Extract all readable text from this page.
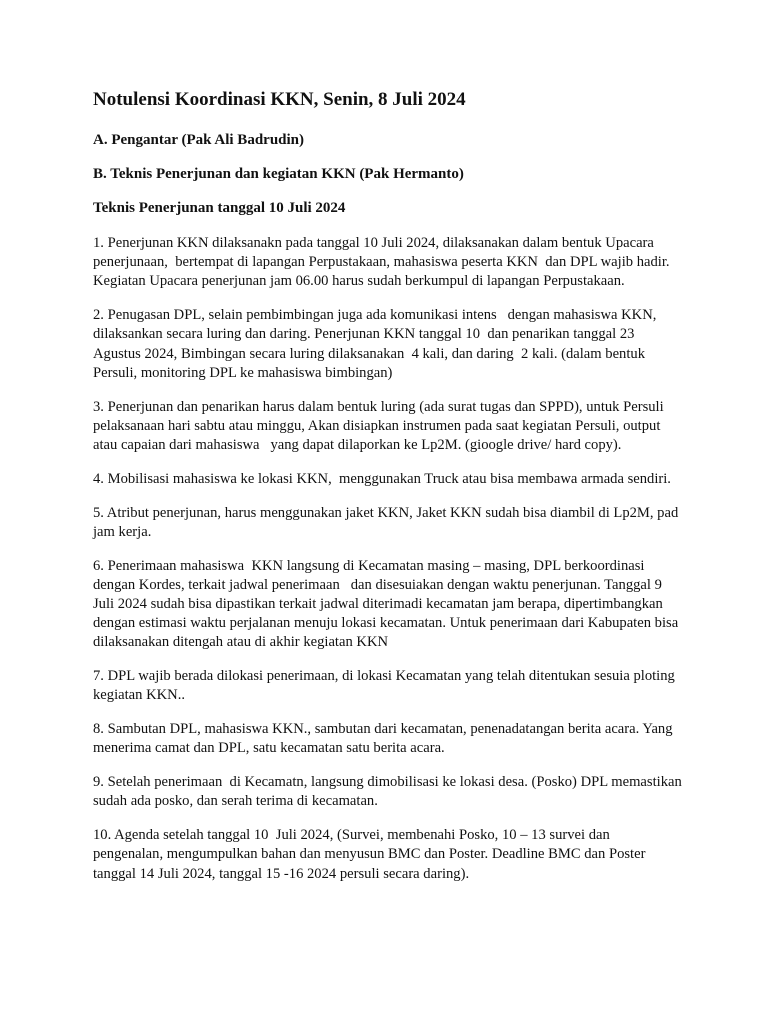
Notulensi Koordinasi KKN, Senin, 8 Juli 2024
A. Pengantar (Pak Ali Badrudin)
B. Teknis Penerjunan dan kegiatan KKN (Pak Hermanto)
Teknis Penerjunan tanggal 10 Juli 2024

1. Penerjunan KKN dilaksanakn pada tanggal 10 Juli 2024, dilaksanakan dalam bentuk Upacara penerjunaan,  bertempat di lapangan Perpustakaan, mahasiswa peserta KKN  dan DPL wajib hadir. Kegiatan Upacara penerjunan jam 06.00 harus sudah berkumpul di lapangan Perpustakaan.

2. Penugasan DPL, selain pembimbingan juga ada komunikasi intens   dengan mahasiswa KKN, dilaksankan secara luring dan daring. Penerjunan KKN tanggal 10  dan penarikan tanggal 23  Agustus 2024, Bimbingan secara luring dilaksanakan  4 kali, dan daring  2 kali. (dalam bentuk Persuli, monitoring DPL ke mahasiswa bimbingan)

3. Penerjunan dan penarikan harus dalam bentuk luring (ada surat tugas dan SPPD), untuk Persuli pelaksanaan hari sabtu atau minggu, Akan disiapkan instrumen pada saat kegiatan Persuli, output atau capaian dari mahasiswa   yang dapat dilaporkan ke Lp2M. (gioogle drive/ hard copy).

4. Mobilisasi mahasiswa ke lokasi KKN,  menggunakan Truck atau bisa membawa armada sendiri.

5. Atribut penerjunan, harus menggunakan jaket KKN, Jaket KKN sudah bisa diambil di Lp2M, pad jam kerja.

6. Penerimaan mahasiswa  KKN langsung di Kecamatan masing – masing, DPL berkoordinasi dengan Kordes, terkait jadwal penerimaan   dan disesuiakan dengan waktu penerjunan. Tanggal 9 Juli 2024 sudah bisa dipastikan terkait jadwal diterimadi kecamatan jam berapa, dipertimbangkan dengan estimasi waktu perjalanan menuju lokasi kecamatan. Untuk penerimaan dari Kabupaten bisa dilaksanakan ditengah atau di akhir kegiatan KKN

7. DPL wajib berada dilokasi penerimaan, di lokasi Kecamatan yang telah ditentukan sesuia ploting kegiatan KKN..

8. Sambutan DPL, mahasiswa KKN., sambutan dari kecamatan, penenadatangan berita acara. Yang menerima camat dan DPL, satu kecamatan satu berita acara.

9. Setelah penerimaan  di Kecamatn, langsung dimobilisasi ke lokasi desa. (Posko) DPL memastikan sudah ada posko, dan serah terima di kecamatan.

10. Agenda setelah tanggal 10  Juli 2024, (Survei, membenahi Posko, 10 – 13 survei dan pengenalan, mengumpulkan bahan dan menyusun BMC dan Poster. Deadline BMC dan Poster tanggal 14 Juli 2024, tanggal 15 -16 2024 persuli secara daring).
